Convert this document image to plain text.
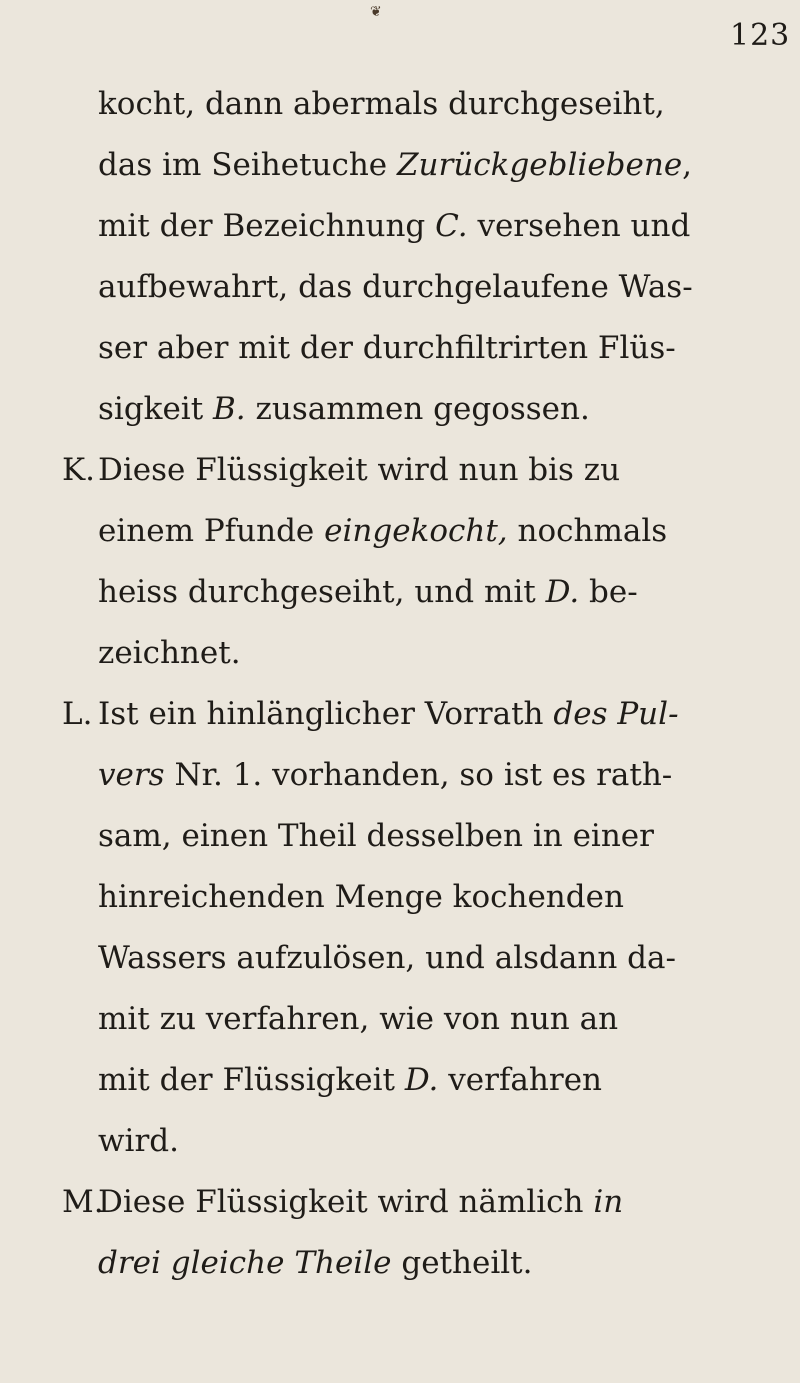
❦
123
kocht, dann abermals durchgeseiht,
das im Seihetuche Zurückgebliebene,
mit der Bezeichnung C. versehen und
aufbewahrt, das durchgelaufene Was-
ser aber mit der durchfiltrirten Flüs-
sigkeit B. zusammen gegossen.
K.Diese Flüssigkeit wird nun bis zu
einem Pfunde eingekocht, nochmals
heiss durchgeseiht, und mit D. be-
zeichnet.
L. Ist ein hinlänglicher Vorrath des Pul-
vers Nr. 1. vorhanden, so ist es rath-
sam, einen Theil desselben in einer
hinreichenden Menge kochenden
Wassers aufzulösen, und alsdann da-
mit zu verfahren, wie von nun an
mit der Flüssigkeit D. verfahren
wird.
M.Diese Flüssigkeit wird nämlich in
drei gleiche Theile getheilt.
